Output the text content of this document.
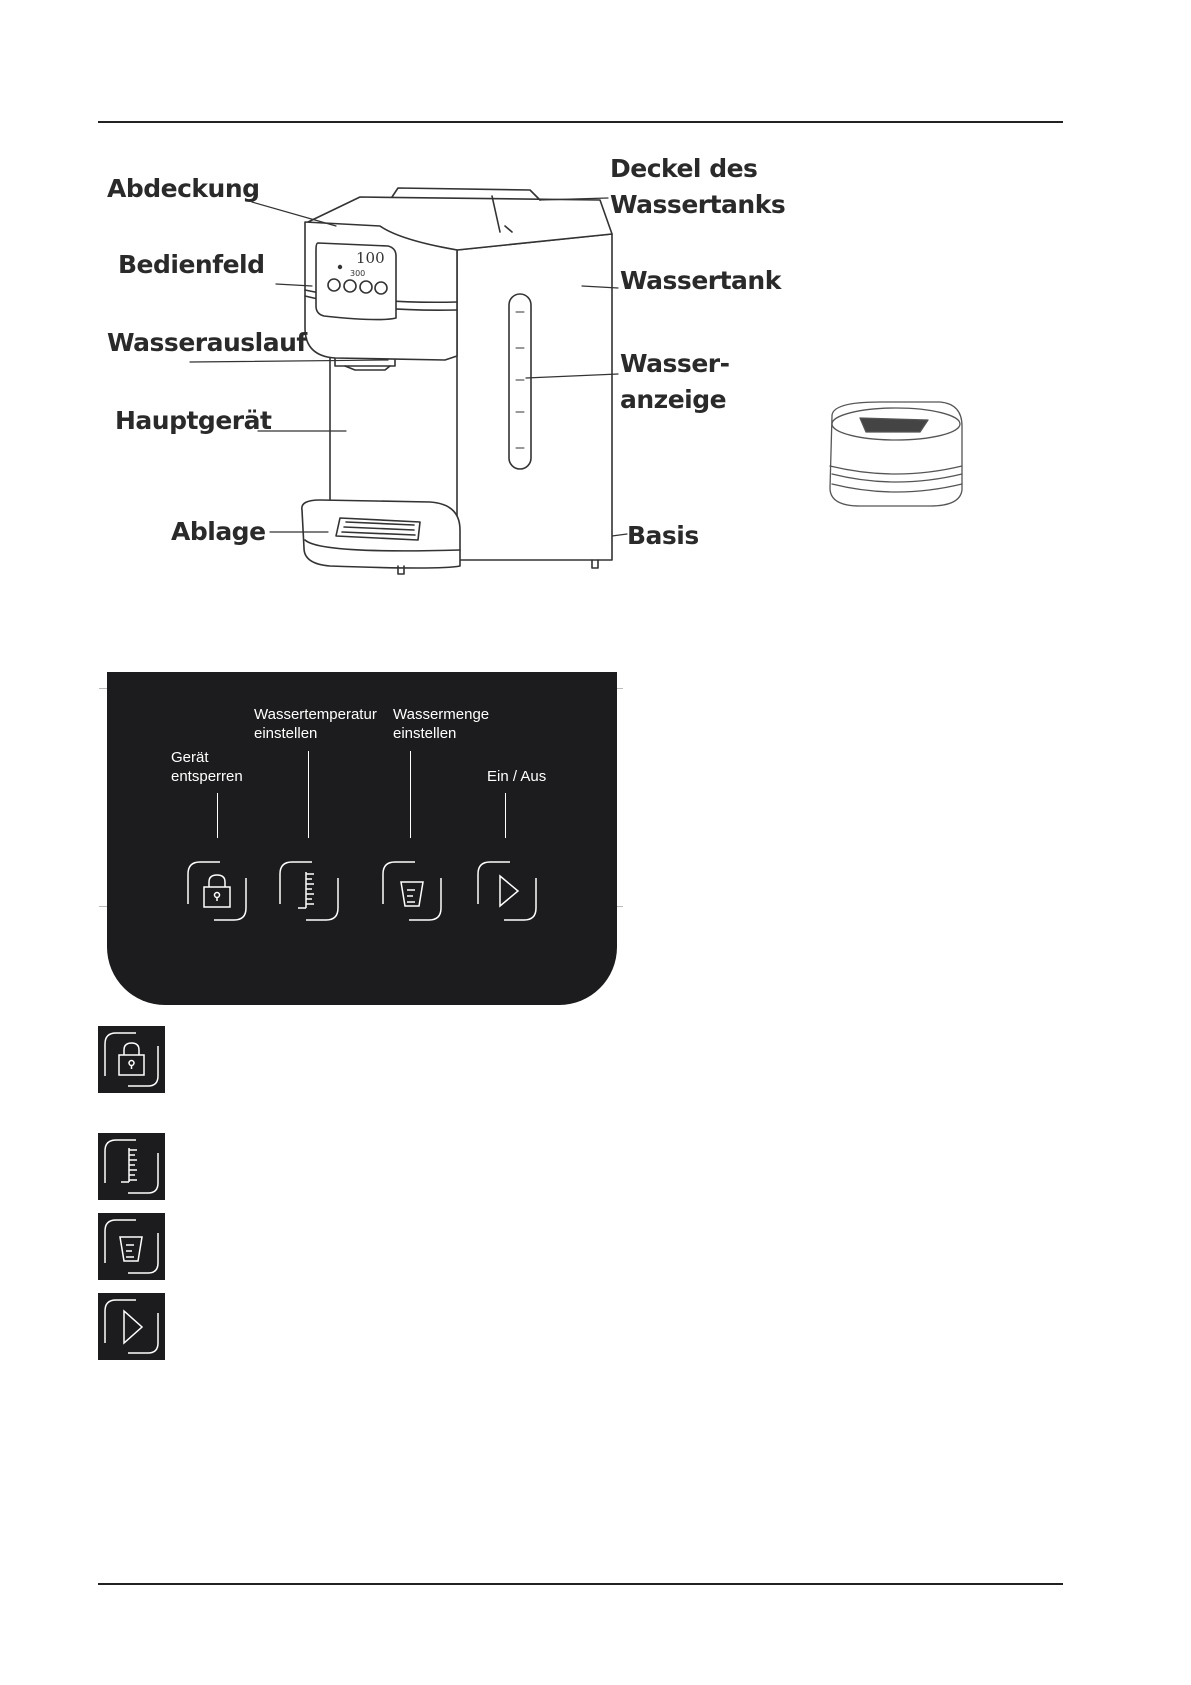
100
300
Abdeckung
Deckel des
Wassertanks
Bedienfeld
Wassertank
Wasserauslauf
Wasser-
anzeige
Hauptgerät
Ablage	Basis
Wassertemperatur
einstellen
Wassermenge
einstellen
Gerät
entsperren	Ein / Aus
